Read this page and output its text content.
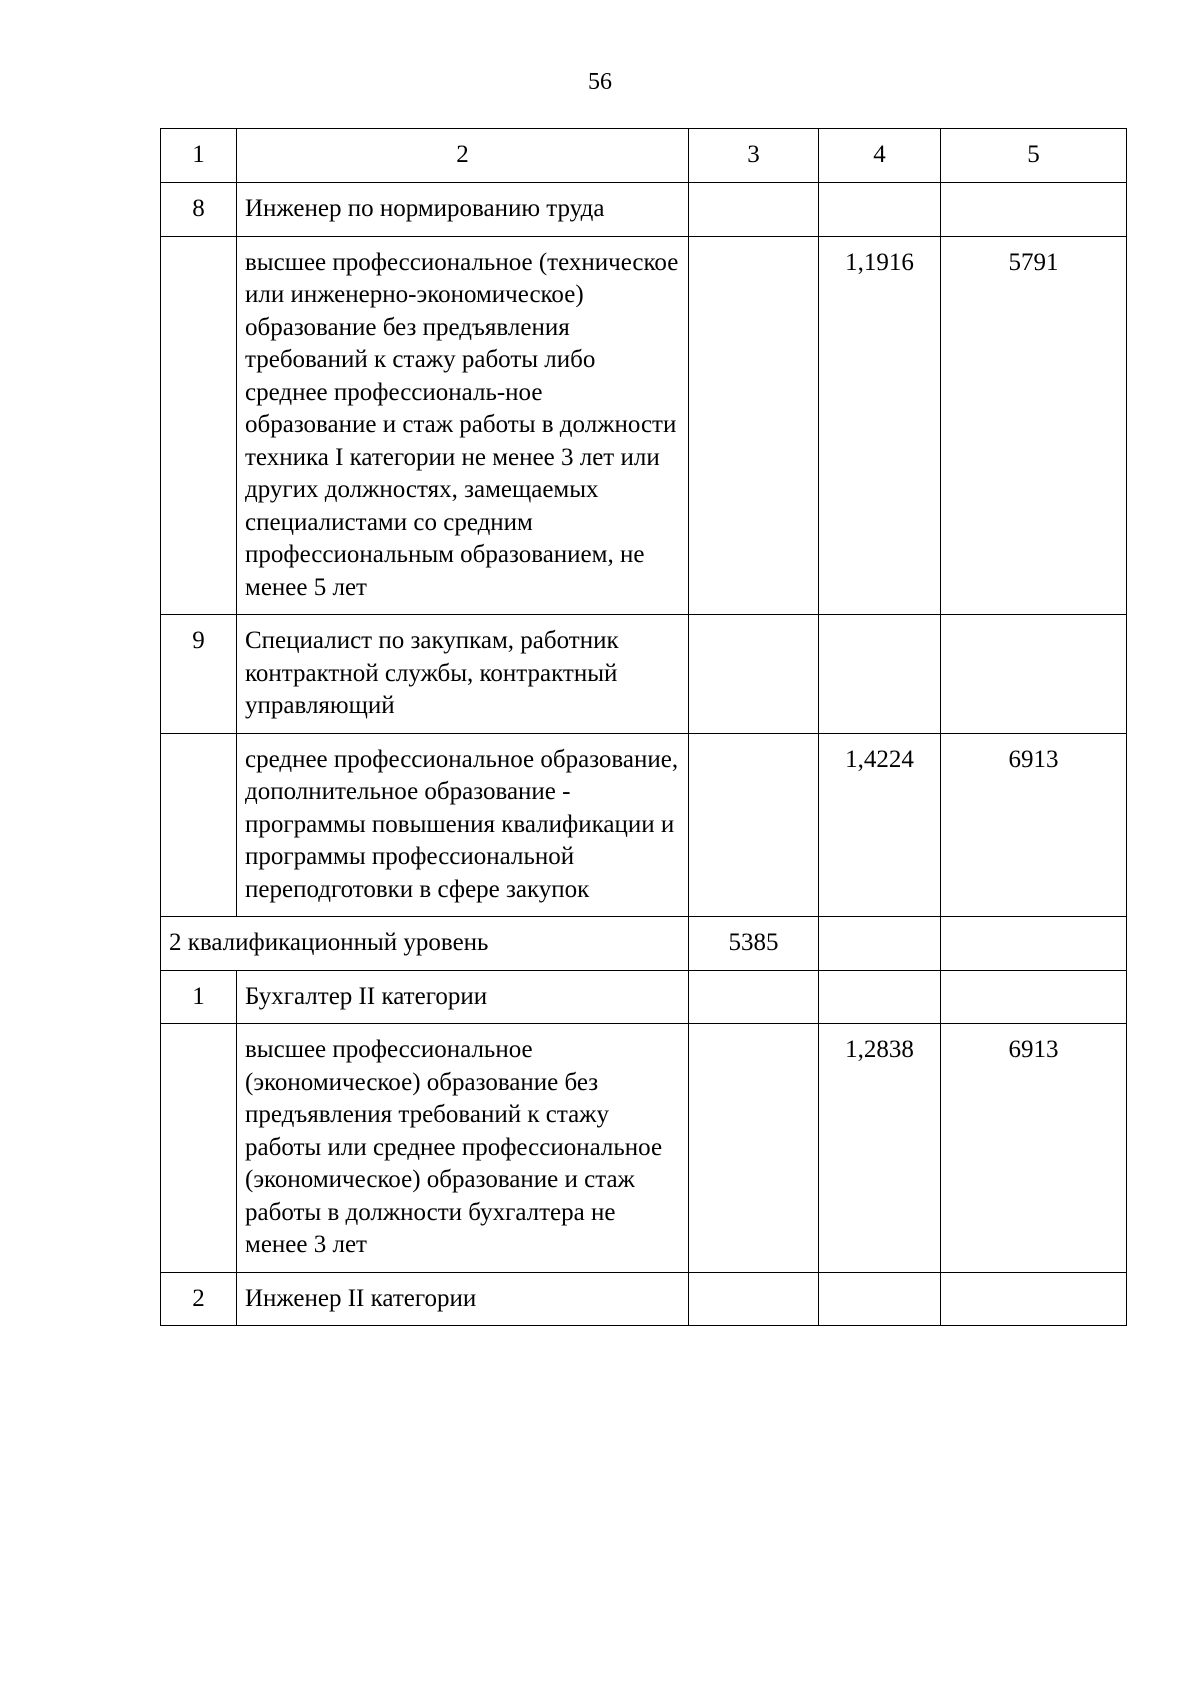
56
1	2	3	4	5
8	Инженер по нормированию труда			
	высшее профессиональное (техническое или инженерно-экономическое) образование без предъявления требований к стажу работы либо среднее профессиональ-ное образование и стаж работы в должности техника I категории не менее 3 лет или других должностях, замещаемых специалистами со средним профессиональным образованием, не менее 5 лет		1,1916	5791
9	Специалист по закупкам, работник контрактной службы, контрактный управляющий			
	среднее профессиональное образование, дополнительное образование - программы повышения квалификации и программы профессиональной переподготовки в сфере закупок		1,4224	6913
2 квалификационный уровень		5385		
1	Бухгалтер II категории			
	высшее профессиональное (экономическое) образование без предъявления требований к стажу работы или среднее профессиональное (экономическое) образование и стаж работы в должности бухгалтера не менее 3 лет		1,2838	6913
2	Инженер II категории			
